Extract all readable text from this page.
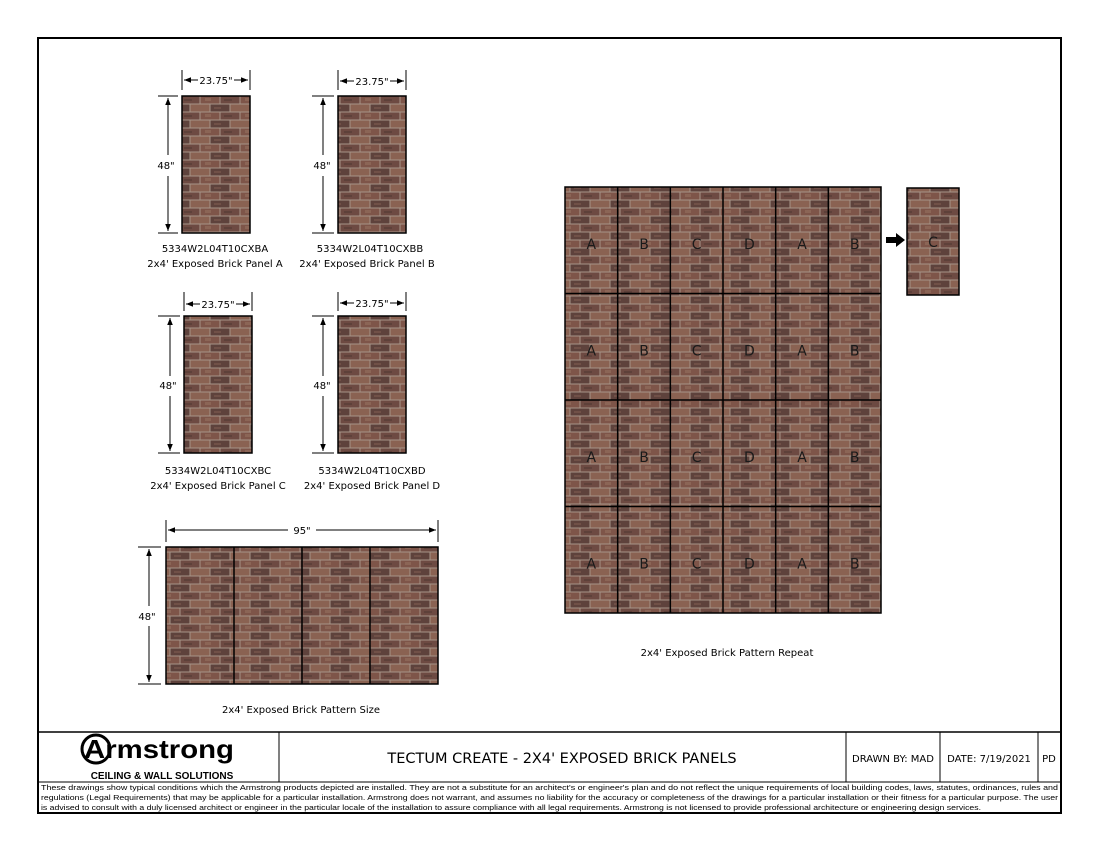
23.75"
48"
5334W2L04T10CXBA
2x4' Exposed Brick Panel A
23.75"
48"
5334W2L04T10CXBB
2x4' Exposed Brick Panel B
23.75"
48"
5334W2L04T10CXBC
2x4' Exposed Brick Panel C
23.75"
48"
5334W2L04T10CXBD
2x4' Exposed Brick Panel D
95"
48"
2x4' Exposed Brick Pattern Size
A	B	C	D	A	B
A	B	C	D	A	B
A	B	C	D	A	B
A	B	C	D	A	B
2x4' Exposed Brick Pattern Repeat
C
Armstrong
CEILING & WALL SOLUTIONS
TECTUM CREATE - 2X4' EXPOSED BRICK PANELS	DRAWN BY: MAD DATE: 7/19/2021 PD
These drawings show typical conditions which the Armstrong products depicted are installed. They are not a substitute for an architect's or engineer's plan and do not reflect the unique requirements of local building codes, laws, statutes, ordinances, rules and
regulations (Legal Requirements) that may be applicable for a particular installation. Armstrong does not warrant, and assumes no liability for the accuracy or completeness of the drawings for a particular installation or their fitness for a particular purpose. The user
is advised to consult with a duly licensed architect or engineer in the particular locale of the installation to assure compliance with all legal requirements. Armstrong is not licensed to provide professional architecture or engineering design services.
